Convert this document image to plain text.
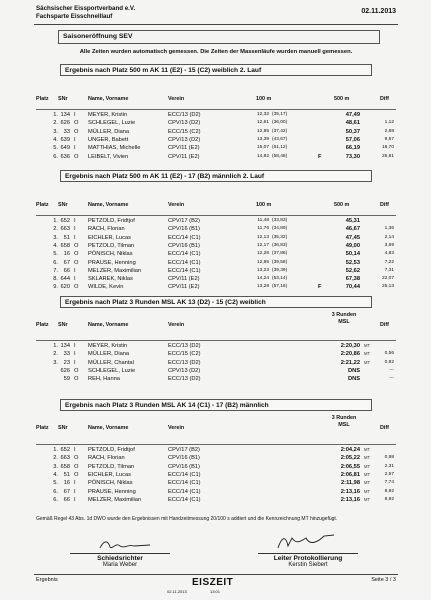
Sächsischer Eissportverband e.V.
Fachsparte Eisschnelllauf
02.11.2013
Saisoneröffnung SEV
Alle Zeiten wurden automatisch gemessen. Die Zeiten der Massenläufe wurden manuell gemessen.
Ergebnis nach Platz 500 m AK 11 (E2) - 15 (C2) weiblich 2. Lauf
Platz SNr	Name, Vorname	Verein	100 m	500 m	Diff
1. 134 I MEYER, Kristin	ECC/13 (D2)	12,32 (35,17)	47,49
2. 626 O SCHLEGEL, Luzie	CPV/13 (D2)	12,61 (36,00)	48,61	1,12
3. 33 O MÜLLER, Diana	ECC/15 (C2)	12,95 (37,42)	50,37	2,88
4. 639 I UNGER, Babett	CPV/13 (D2)	13,39 (43,67)	57,06	9,57
5. 649 I MATTHIAS, Michelle	CPV/11 (E2)	15,07 (51,12)	66,19	18,70
6. 636 O LEIBELT, Vivien	CPV/11 (E2)	14,82 (58,48)	F	73,30	25,81
Ergebnis nach Platz 500 m AK 11 (E2) - 17 (B2) männlich 2. Lauf
Platz SNr	Name, Vorname	Verein	100 m	500 m	Diff
1. 652 I PETZOLD, Fridtjof	CPV/17 (B2)	11,48 (33,83)	45,31
2. 663 I RACH, Florian	CPV/16 (B1)	11,76 (34,89)	46,67	1,36
3. 51 I EICHLER, Lucas	ECC/14 (C1)	12,13 (35,32)	47,45	2,14
4. 658 O PETZOLD, Tilman	CPV/16 (B1)	12,17 (36,83)	49,00	3,69
5. 16 O PÖNISCH, Niklas	ECC/14 (C1)	12,28 (37,86)	50,14	4,83
6. 67 O PRAUSE, Henning	ECC/14 (C1)	12,95 (39,58)	52,53	7,22
7. 66 I MELZER, Maximilian	ECC/14 (C1)	13,23 (39,39)	52,62	7,31
8. 644 I SKLAREK, Niklas	CPV/11 (E2)	14,24 (53,14)	67,38	22,07
9. 620 O WILDE, Kevin	CPV/11 (E2)	13,28 (57,16)	F	70,44	25,13
Ergebnis nach Platz 3 Runden MSL AK 13 (D2) - 15 (C2) weiblich
Platz SNr	Name, Vorname	Verein
3 Runden MSL	Diff
1. 134 I MEYER, Kristin	ECC/13 (D2)	2:20,30 MT
2. 33 I MÜLLER, Diana	ECC/15 (C2)	2:20,86 MT	0,56
3. 23 I MÜLLER, Chantal	ECC/13 (D2)	2:21,22 MT	0,92
626 O SCHLEGEL, Luzie	CPV/13 (D2)	DNS	---
59 O REH, Hanna	ECC/13 (D2)	DNS	---
Ergebnis nach Platz 3 Runden MSL AK 14 (C1) - 17 (B2) männlich
Platz SNr	Name, Vorname	Verein
3 Runden MSL	Diff
1. 652 I PETZOLD, Fridtjof	CPV/17 (B2)	2:04,24 MT
2. 663 O RACH, Florian	CPV/16 (B1)	2:05,22 MT	0,98
3. 658 O PETZOLD, Tilman	CPV/16 (B1)	2:06,55 MT	2,31
4. 51 O EICHLER, Lucas	ECC/14 (C1)	2:06,81 MT	2,57
5. 16 I PÖNISCH, Niklas	ECC/14 (C1)	2:11,98 MT	7,74
6. 67 I PRAUSE, Henning	ECC/14 (C1)	2:13,16 MT	8,92
6. 66 I MELZER, Maximilian	ECC/14 (C1)	2:13,16 MT	8,92
Gemäß Regel 43 Abs. 1d DWO wurde den Ergebnissen mit Handzeitmessung 20/100 s addiert und die Kennzeichnung MT hinzugefügt.
Schiedsrichter
Maria Weber
Leiter Protokollierung
Kerstin Siebert
Ergebnis
02.11.2013
EISZEIT
13:01
Seite 3 / 3
